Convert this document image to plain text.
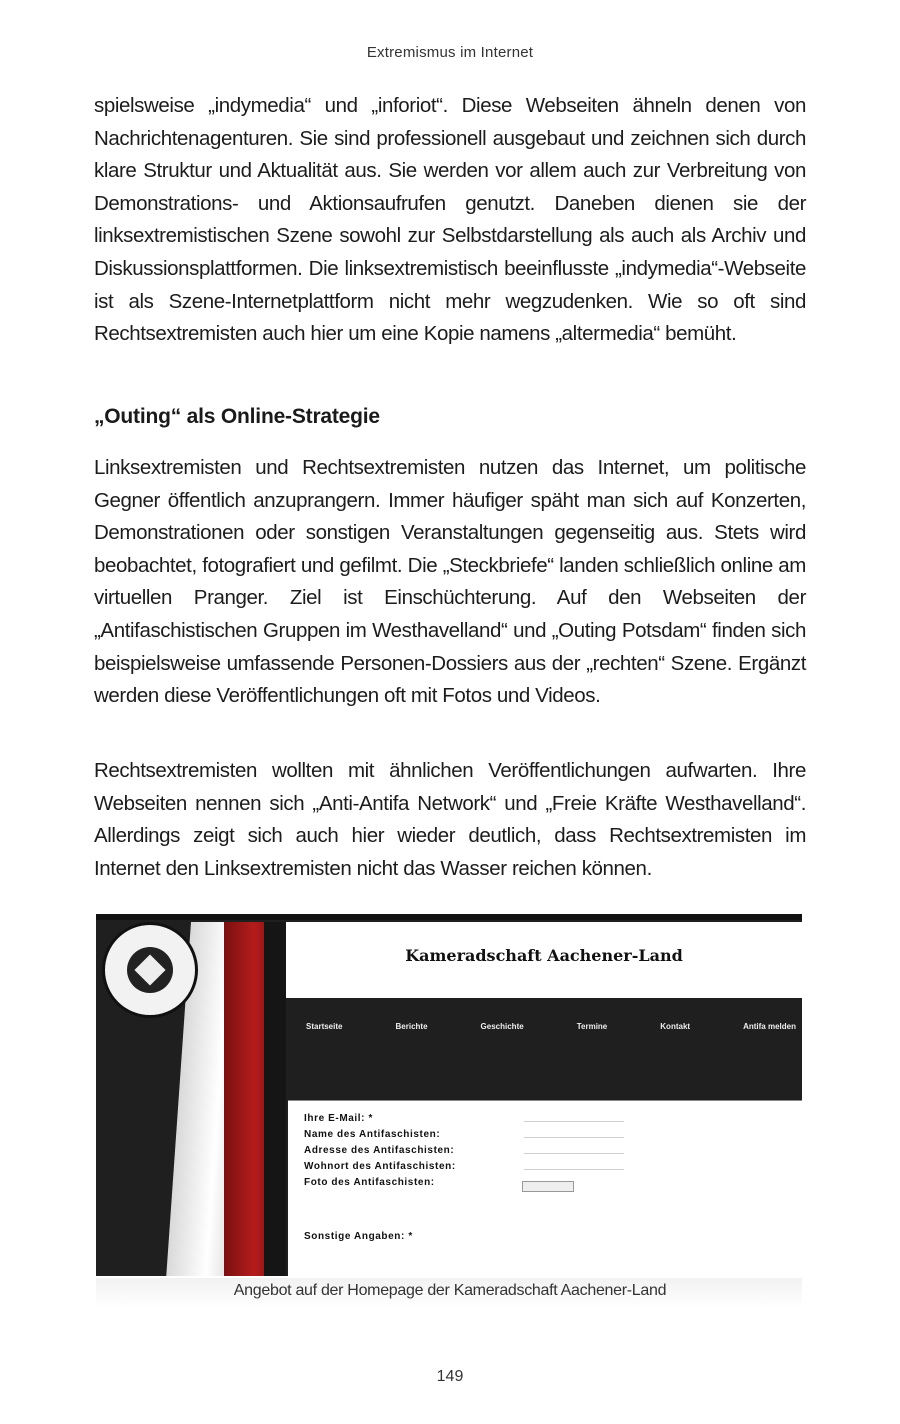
Extremismus im Internet
spielsweise „indymedia“ und „inforiot“. Diese Webseiten ähneln denen von Nachrichtenagenturen. Sie sind professionell ausgebaut und zeichnen sich durch klare Struktur und Aktualität aus. Sie werden vor allem auch zur Verbreitung von Demonstrations- und Aktionsaufrufen genutzt. Daneben dienen sie der linksextremistischen Szene sowohl zur Selbstdarstellung als auch als Archiv und Diskussionsplattformen. Die linksextremistisch beeinflusste „indymedia“-Webseite ist als Szene-Internetplattform nicht mehr wegzudenken. Wie so oft sind Rechtsextremisten auch hier um eine Kopie namens „altermedia“ bemüht.
„Outing“ als Online-Strategie
Linksextremisten und Rechtsextremisten nutzen das Internet, um politische Gegner öffentlich anzuprangern. Immer häufiger späht man sich auf Konzerten, Demonstrationen oder sonstigen Veranstaltungen gegenseitig aus. Stets wird beobachtet, fotografiert und gefilmt. Die „Steckbriefe“ landen schließlich online am virtuellen Pranger. Ziel ist Einschüchterung. Auf den Webseiten der „Antifaschistischen Gruppen im Westhavelland“ und „Outing Potsdam“ finden sich beispielsweise umfassende Personen-Dossiers aus der „rechten“ Szene. Ergänzt werden diese Veröffentlichungen oft mit Fotos und Videos.
Rechtsextremisten wollten mit ähnlichen Veröffentlichungen aufwarten. Ihre Webseiten nennen sich „Anti-Antifa Network“ und „Freie Kräfte Westhavelland“. Allerdings zeigt sich auch hier wieder deutlich, dass Rechtsextremisten im Internet den Linksextremisten nicht das Wasser reichen können.
Kameradschaft Aachener-Land
Startseite	Berichte	Geschichte	Termine	Kontakt	Antifa melden
Ihre E-Mail: *
Name des Antifaschisten:
Adresse des Antifaschisten:
Wohnort des Antifaschisten:
Foto des Antifaschisten:
Sonstige Angaben: *
Angebot auf der Homepage der Kameradschaft Aachener-Land
149
